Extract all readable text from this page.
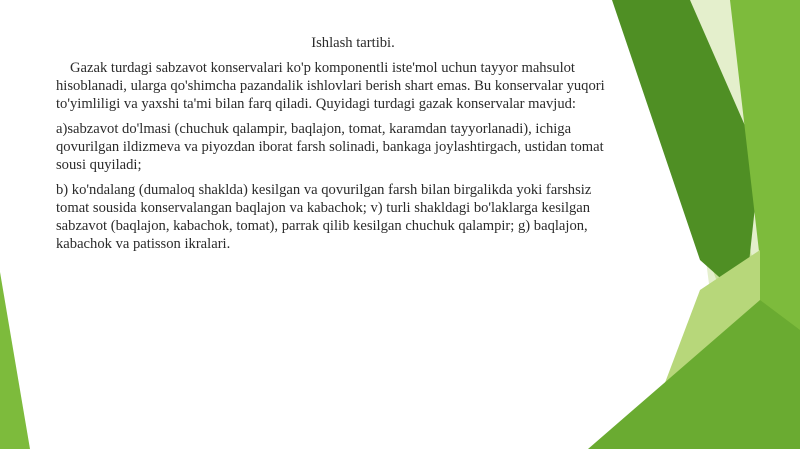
Ishlash tartibi.

Gazak turdagi sabzavot konservalari ko'p komponentli iste'mol uchun tayyor mahsulot hisoblanadi, ularga qo'shimcha pazandalik ishlovlari berish shart emas. Bu konservalar yuqori to'yimliligi va yaxshi ta'mi bilan farq qiladi. Quyidagi turdagi gazak konservalar mavjud:

a)sabzavot do'lmasi (chuchuk qalampir, baqlajon, tomat, karamdan tayyorlanadi), ichiga qovurilgan ildizmeva va piyozdan iborat farsh solinadi, bankaga joylashtirgach, ustidan tomat sousi quyiladi;

b) ko'ndalang (dumaloq shaklda) kesilgan va qovurilgan farsh bilan birgalikda yoki farshsiz tomat sousida konservalangan baqlajon va kabachok; v) turli shakldagi bo'laklarga kesilgan sabzavot (baqlajon, kabachok, tomat), parrak qilib kesilgan chuchuk qalampir; g) baqlajon, kabachok va patisson ikralari.
